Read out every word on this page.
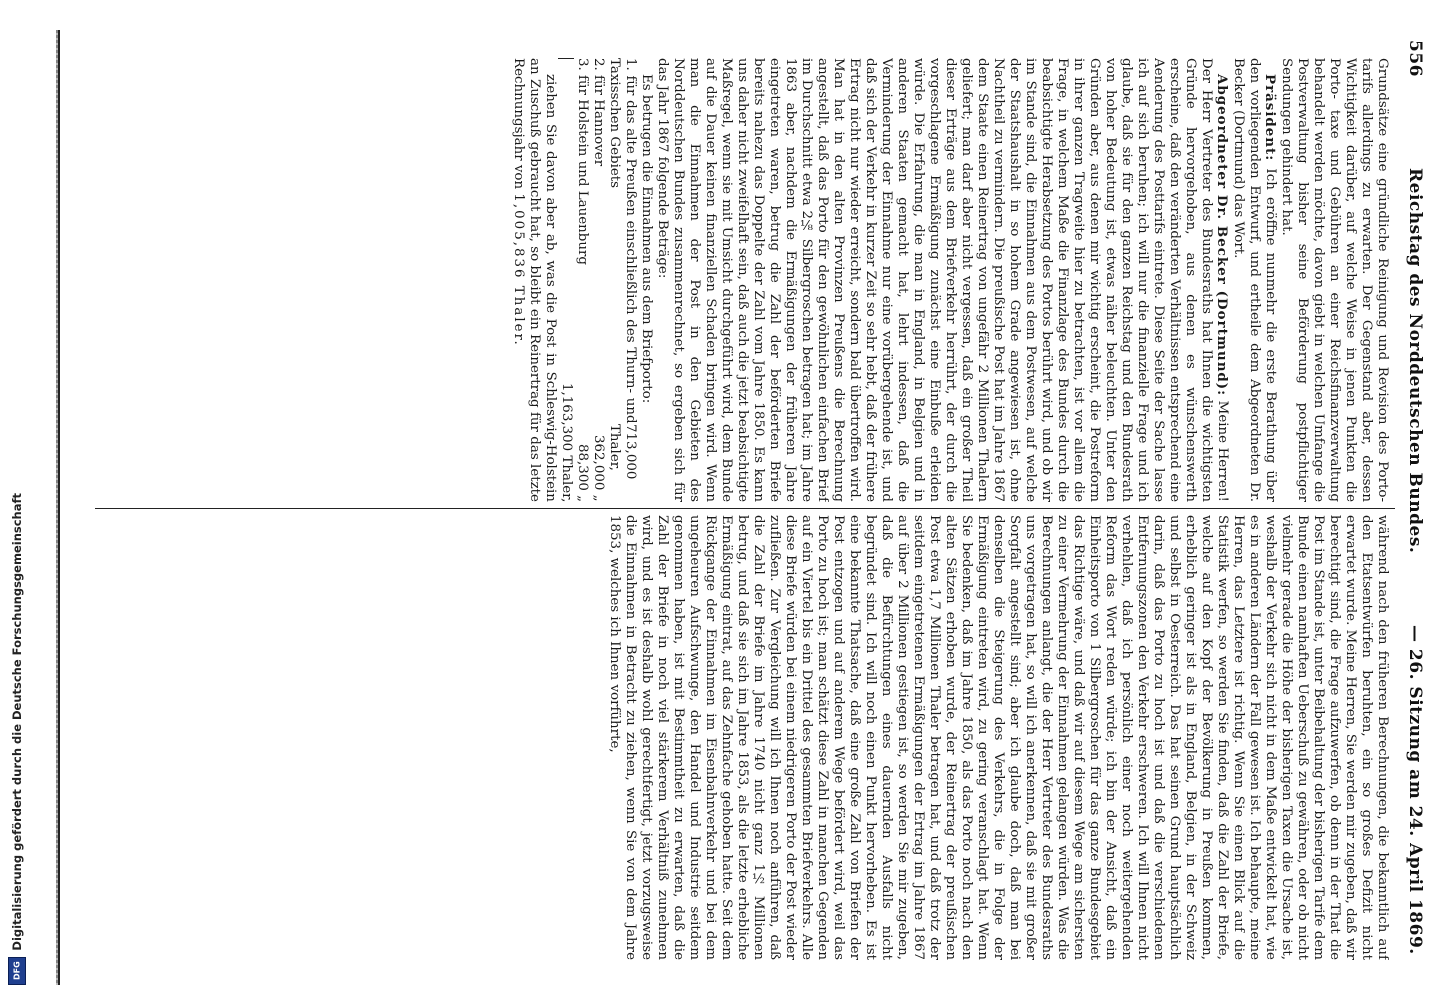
556
Reichstag des Norddeutschen Bundes.
— 26. Sitzung am 24. April 1869.

Grundsätze eine gründliche Reinigung und Revision des Porto- tarifs allerdings zu erwarten. Der Gegenstand aber, dessen Wichtigkeit darüber, auf welche Weise in jenen Punkten die Porto- taxe und Gebühren an einer Reichsfinanzverwaltung behandelt werden möchte, davon giebt in welchen Umfange die Postverwaltung bisher seine Beförderung postpflichtiger Sendungen gehindert hat.

Präsident: Ich eröffne nunmehr die erste Berathung über den vorliegenden Entwurf, und ertheile dem Abgeordneten Dr. Becker (Dortmund) das Wort.

Abgeordneter Dr. Becker (Dortmund): Meine Herren! Der Herr Vertreter des Bundesraths hat Ihnen die wichtigsten Gründe hervorgehoben, aus denen es wünschenswerth erscheine, daß den veränderten Verhältnissen entsprechend eine Aenderung des Posttarifs eintrete. Diese Seite der Sache lasse ich auf sich beruhen; ich will nur die finanzielle Frage und ich glaube, daß sie für den ganzen Reichstag und den Bundesrath von hoher Bedeutung ist, etwas näher beleuchten. Unter den Gründen aber, aus denen mir wichtig erscheint, die Postreform in ihrer ganzen Tragweite hier zu betrachten, ist vor allem die Frage, in welchem Maße die Finanzlage des Bundes durch die beabsichtigte Herabsetzung des Portos berührt wird, und ob wir im Stande sind, die Einnahmen aus dem Postwesen, auf welche der Staatshaushalt in so hohem Grade angewiesen ist, ohne Nachtheil zu vermindern. Die preußische Post hat im Jahre 1867 dem Staate einen Reinertrag von ungefähr 2 Millionen Thalern geliefert; man darf aber nicht vergessen, daß ein großer Theil dieser Erträge aus dem Briefverkehr herrührt, der durch die vorgeschlagene Ermäßigung zunächst eine Einbuße erleiden würde. Die Erfahrung, die man in England, in Belgien und in anderen Staaten gemacht hat, lehrt indessen, daß die Verminderung der Einnahme nur eine vorübergehende ist, und daß sich der Verkehr in kurzer Zeit so sehr hebt, daß der frühere Ertrag nicht nur wieder erreicht, sondern bald übertroffen wird. Man hat in den alten Provinzen Preußens die Berechnung angestellt, daß das Porto für den gewöhnlichen einfachen Brief im Durchschnitt etwa 2⅛ Silbergroschen betragen hat; im Jahre 1863 aber, nachdem die Ermäßigungen der früheren Jahre eingetreten waren, betrug die Zahl der beförderten Briefe bereits nahezu das Doppelte der Zahl vom Jahre 1850. Es kann uns daher nicht zweifelhaft sein, daß auch die jetzt beabsichtigte Maßregel, wenn sie mit Umsicht durchgeführt wird, dem Bunde auf die Dauer keinen finanziellen Schaden bringen wird. Wenn man die Einnahmen der Post in den Gebieten des Norddeutschen Bundes zusammenrechnet, so ergeben sich für das Jahr 1867 folgende Beträge:

Es betrugen die Einnahmen aus dem Briefporto:

1. für das alte Preußen einschließlich des Thurn- und Taxisschen Gebiets
713,000 Thaler,
2. für Hannover
362,000 „
3. für Holstein und Lauenburg
88,300 „
1,163,300 Thaler,

ziehen Sie davon aber ab, was die Post in Schleswig-Holstein an Zuschuß gebraucht hat, so bleibt ein Reinertrag für das letzte Rechnungsjahr von 1,005,836 Thaler.

während nach den früheren Berechnungen, die bekanntlich auf den Etatsentwürfen beruhten, ein so großes Defizit nicht erwartet wurde. Meine Herren, Sie werden mir zugeben, daß wir berechtigt sind, die Frage aufzuwerfen, ob denn in der That die Post im Stande ist, unter Beibehaltung der bisherigen Tarife dem Bunde einen namhaften Ueberschuß zu gewähren, oder ob nicht vielmehr gerade die Höhe der bisherigen Taxen die Ursache ist, weshalb der Verkehr sich nicht in dem Maße entwickelt hat, wie es in anderen Ländern der Fall gewesen ist. Ich behaupte, meine Herren, das Letztere ist richtig. Wenn Sie einen Blick auf die Statistik werfen, so werden Sie finden, daß die Zahl der Briefe, welche auf den Kopf der Bevölkerung in Preußen kommen, erheblich geringer ist als in England, Belgien, in der Schweiz und selbst in Oesterreich. Das hat seinen Grund hauptsächlich darin, daß das Porto zu hoch ist und daß die verschiedenen Entfernungszonen den Verkehr erschweren. Ich will Ihnen nicht verhehlen, daß ich persönlich einer noch weitergehenden Reform das Wort reden würde; ich bin der Ansicht, daß ein Einheitsporto von 1 Silbergroschen für das ganze Bundesgebiet das Richtige wäre, und daß wir auf diesem Wege am sichersten zu einer Vermehrung der Einnahmen gelangen würden. Was die Berechnungen anlangt, die der Herr Vertreter des Bundesraths uns vorgetragen hat, so will ich anerkennen, daß sie mit großer Sorgfalt angestellt sind; aber ich glaube doch, daß man bei denselben die Steigerung des Verkehrs, die in Folge der Ermäßigung eintreten wird, zu gering veranschlagt hat. Wenn Sie bedenken, daß im Jahre 1850, als das Porto noch nach den alten Sätzen erhoben wurde, der Reinertrag der preußischen Post etwa 1,7 Millionen Thaler betragen hat, und daß trotz der seitdem eingetretenen Ermäßigungen der Ertrag im Jahre 1867 auf über 2 Millionen gestiegen ist, so werden Sie mir zugeben, daß die Befürchtungen eines dauernden Ausfalls nicht begründet sind. Ich will noch einen Punkt hervorheben. Es ist eine bekannte Thatsache, daß eine große Zahl von Briefen der Post entzogen und auf anderem Wege befördert wird, weil das Porto zu hoch ist; man schätzt diese Zahl in manchen Gegenden auf ein Viertel bis ein Drittel des gesammten Briefverkehrs. Alle diese Briefe würden bei einem niedrigeren Porto der Post wieder zufließen. Zur Vergleichung will ich Ihnen noch anführen, daß die Zahl der Briefe im Jahre 1740 nicht ganz 1½ Millionen betrug, und daß sie sich im Jahre 1853, als die letzte erhebliche Ermäßigung eintrat, auf das Zehnfache gehoben hatte. Seit dem Rückgange der Einnahmen im Eisenbahnverkehr und bei dem ungeheuren Aufschwunge, den Handel und Industrie seitdem genommen haben, ist mit Bestimmtheit zu erwarten, daß die Zahl der Briefe in noch viel stärkerem Verhältniß zunehmen wird, und es ist deshalb wohl gerechtfertigt, jetzt vorzugsweise die Einnahmen in Betracht zu ziehen, wenn Sie von dem Jahre 1853, welches ich Ihnen vorführte,

Digitalisierung gefördert durch die Deutsche Forschungsgemeinschaft
DFG
